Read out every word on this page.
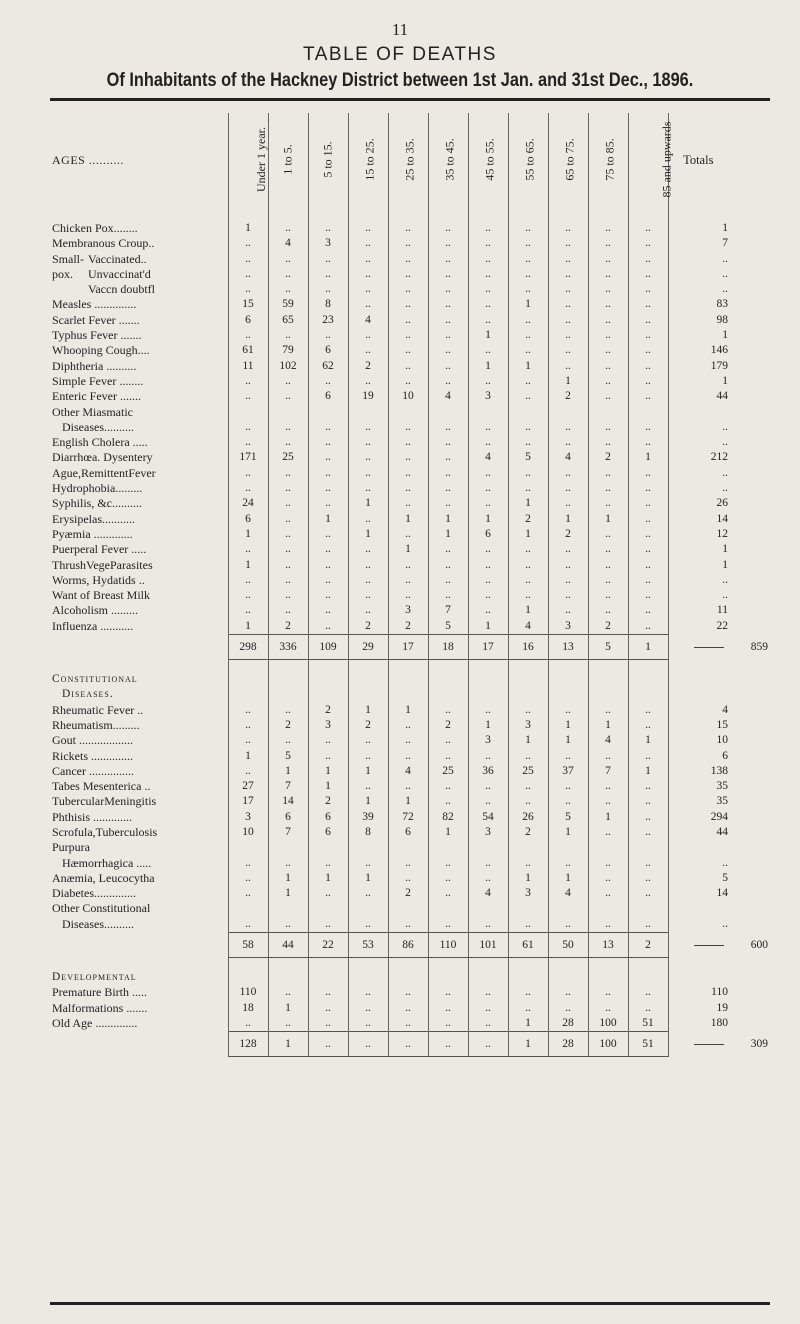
11
TABLE OF DEATHS
Of Inhabitants of the Hackney District between 1st Jan. and 31st Dec., 1896.
AGES ..........	Under 1 year.	1 to 5.	5 to 15.	15 to 25.	25 to 35.	35 to 45.	45 to 55.	55 to 65.	65 to 75.	75 to 85.	85 and upwards	Totals	

Chicken Pox........	1	..	..	..	..	..	..	..	..	..	..	1	
Membranous Croup..	..	4	3	..	..	..	..	..	..	..	..	7	
Small- Vaccinated..	..	..	..	..	..	..	..	..	..	..	..	..	
pox. Unvaccinat'd	..	..	..	..	..	..	..	..	..	..	..	..	
Vaccn doubtfl	..	..	..	..	..	..	..	..	..	..	..	..	
Measles ..............	15	59	8	..	..	..	..	1	..	..	..	83	
Scarlet Fever .......	6	65	23	4	..	..	..	..	..	..	..	98	
Typhus Fever .......	..	..	..	..	..	..	1	..	..	..	..	1	
Whooping Cough....	61	79	6	..	..	..	..	..	..	..	..	146	
Diphtheria ..........	11	102	62	2	..	..	1	1	..	..	..	179	
Simple Fever ........	..	..	..	..	..	..	..	..	1	..	..	1	
Enteric Fever .......	..	..	6	19	10	4	3	..	2	..	..	44	
Other Miasmatic													
Diseases..........	..	..	..	..	..	..	..	..	..	..	..	..	
English Cholera .....	..	..	..	..	..	..	..	..	..	..	..	..	
Diarrhœa. Dysentery	171	25	..	..	..	..	4	5	4	2	1	212	
Ague,RemittentFever	..	..	..	..	..	..	..	..	..	..	..	..	
Hydrophobia.........	..	..	..	..	..	..	..	..	..	..	..	..	
Syphilis, &c..........	24	..	..	1	..	..	..	1	..	..	..	26	
Erysipelas...........	6	..	1	..	1	1	1	2	1	1	..	14	
Pyæmia .............	1	..	..	1	..	1	6	1	2	..	..	12	
Puerperal Fever .....	..	..	..	..	1	..	..	..	..	..	..	1	
ThrushVegeParasites	1	..	..	..	..	..	..	..	..	..	..	1	
Worms, Hydatids ..	..	..	..	..	..	..	..	..	..	..	..	..	
Want of Breast Milk	..	..	..	..	..	..	..	..	..	..	..	..	
Alcoholism .........	..	..	..	..	3	7	..	1	..	..	..	11	
Influenza ...........	1	2	..	2	2	5	1	4	3	2	..	22	
	298	336	109	29	17	18	17	16	13	5	1		859

Constitutional													
Diseases.													
Rheumatic Fever ..	..	..	2	1	1	..	..	..	..	..	..	4	
Rheumatism.........	..	2	3	2	..	2	1	3	1	1	..	15	
Gout ..................	..	..	..	..	..	..	3	1	1	4	1	10	
Rickets ..............	1	5	..	..	..	..	..	..	..	..	..	6	
Cancer ...............	..	1	1	1	4	25	36	25	37	7	1	138	
Tabes Mesenterica ..	27	7	1	..	..	..	..	..	..	..	..	35	
TubercularMeningitis	17	14	2	1	1	..	..	..	..	..	..	35	
Phthisis .............	3	6	6	39	72	82	54	26	5	1	..	294	
Scrofula,Tuberculosis	10	7	6	8	6	1	3	2	1	..	..	44	
Purpura													
Hæmorrhagica .....	..	..	..	..	..	..	..	..	..	..	..	..	
Anæmia, Leucocytha	..	1	1	1	..	..	..	1	1	..	..	5	
Diabetes..............	..	1	..	..	2	..	4	3	4	..	..	14	
Other Constitutional													
Diseases..........	..	..	..	..	..	..	..	..	..	..	..	..	
	58	44	22	53	86	110	101	61	50	13	2		600

Developmental													
Premature Birth .....	110	..	..	..	..	..	..	..	..	..	..	110	
Malformations .......	18	1	..	..	..	..	..	..	..	..	..	19	
Old Age ..............	..	..	..	..	..	..	..	1	28	100	51	180	
	128	1	..	..	..	..	..	1	28	100	51		309
